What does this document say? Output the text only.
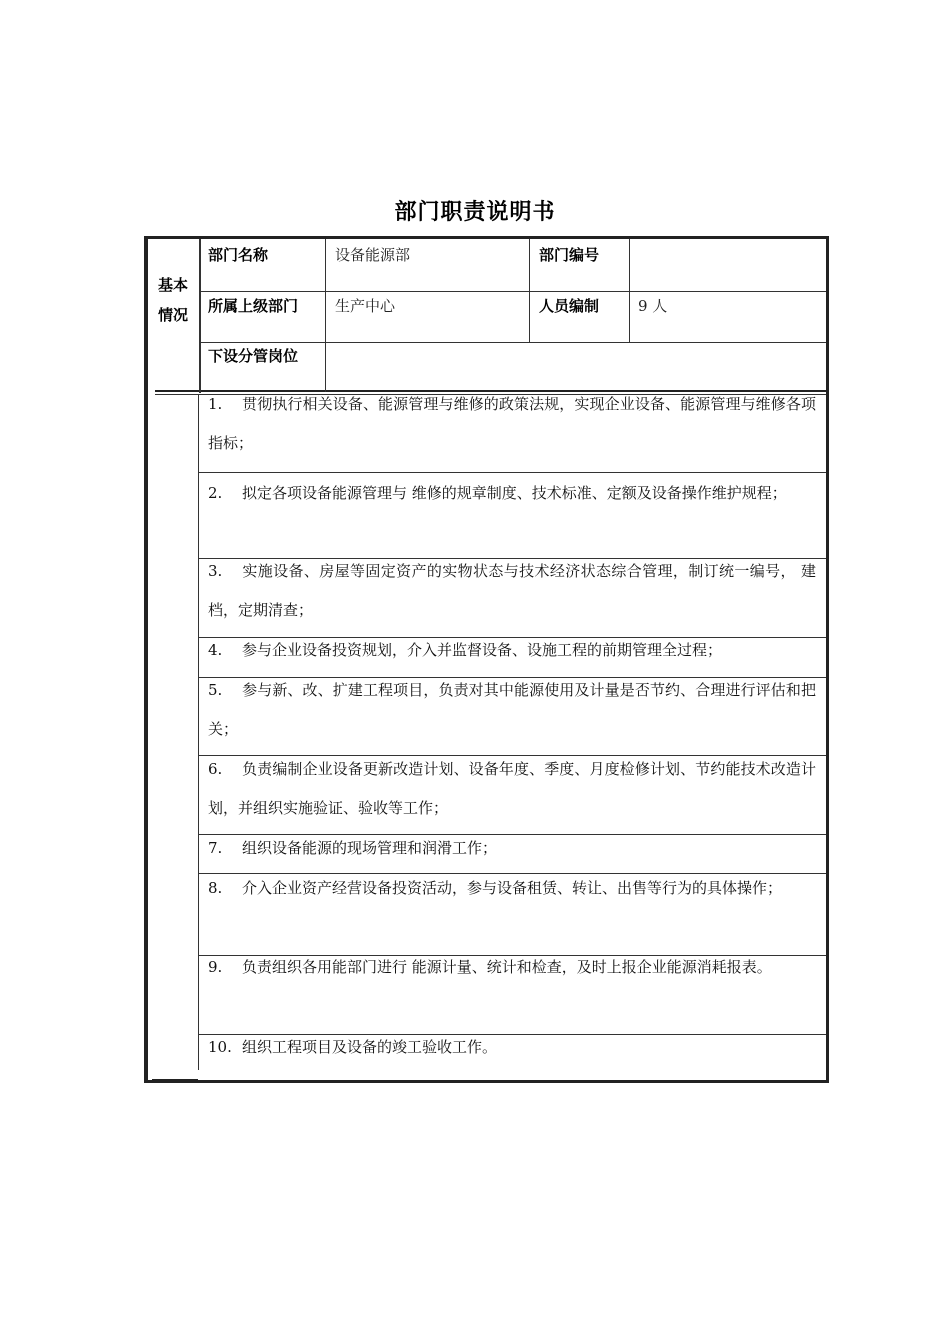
部门职责说明书
基本
情况
部门名称	设备能源部	部门编号
所属上级部门 生产中心	人员编制	9 人
下设分管岗位
1. 贯彻执行相关设备、能源管理与维修的政策法规，实现企业设备、能源管理与维修各项指标；
2. 拟定各项设备能源管理与 维修的规章制度、技术标准、定额及设备操作维护规程；
3. 实施设备、房屋等固定资产的实物状态与技术经济状态综合管理，制订统一编号， 建档，定期清查；
4. 参与企业设备投资规划，介入并监督设备、设施工程的前期管理全过程；
5. 参与新、改、扩建工程项目，负责对其中能源使用及计量是否节约、合理进行评估和把关；
6. 负责编制企业设备更新改造计划、设备年度、季度、月度检修计划、节约能技术改造计划，并组织实施验证、验收等工作；
7. 组织设备能源的现场管理和润滑工作；
8. 介入企业资产经营设备投资活动，参与设备租赁、转让、出售等行为的具体操作；
9. 负责组织各用能部门进行 能源计量、统计和检查，及时上报企业能源消耗报表。
10. 组织工程项目及设备的竣工验收工作。
